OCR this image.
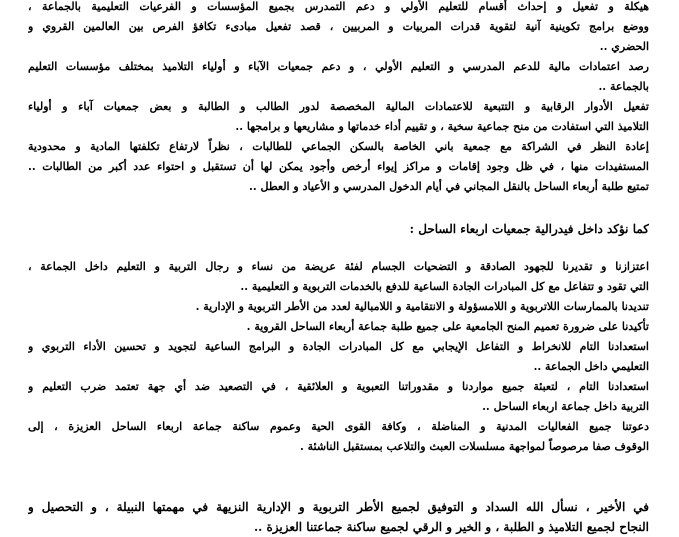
هيكلة و تفعيل و إحداث أقسام للتعليم الأولي و دعم التمدرس بجميع المؤسسات و الفرعيات التعليمية بالجماعة ،
ووضع برامج تكوينية آنية لتقوية قدرات المربيات و المربيين ، قصد تفعيل مبادىء تكافؤ الفرص بين العالمين القروي و
الحضري ..
رصد اعتمادات مالية للدعم المدرسي و التعليم الأولي ، و دعم جمعيات الآباء و أولياء التلاميذ بمختلف مؤسسات التعليم
بالجماعة ..
تفعيل الأدوار الرقابية و التتبعية للاعتمادات المالية المخصصة لدور الطالب و الطالبة و بعض جمعيات آباء و أولياء
التلاميذ التي استفادت من منح جماعية سخية ، و تقييم أداء خدماتها و مشاريعها و برامجها ..
إعادة النظر في الشراكة مع جمعية باني الخاصة بالسكن الجماعي للطالبات ، نظراً لارتفاع تكلفتها المادية و محدودية
المستفيدات منها ، في ظل وجود إقامات و مراكز إيواء أرخص وأجود يمكن لها أن تستقبل و احتواء عدد أكبر من الطالبات ..
تمتيع طلبة أربعاء الساحل بالنقل المجاني في أيام الدخول المدرسي و الأعياد و العطل ..
كما نؤكد داخل فيدرالية جمعيات اربعاء الساحل :
اعتزازنا و تقديرنا للجهود الصادقة و التضحيات الجسام لفئة عريضة من نساء و رجال التربية و التعليم داخل الجماعة ،
التي تقود و تتفاعل مع كل المبادرات الجادة الساعية للدفع بالخدمات التربوية و التعليمية ..
تنديدنا بالممارسات اللاتربوية و اللامسؤولة و الانتقامية و اللامبالية لعدد من الأطر التربوية و الإدارية .
تأكيدنا على ضرورة تعميم المنح الجامعية على جميع طلبة جماعة أربعاء الساحل القروية .
استعدادنا التام للانخراط و التفاعل الإيجابي مع كل المبادرات الجادة و البرامج الساعية لتجويد و تحسين الأداء التربوي و
التعليمي داخل الجماعة ..
استعدادنا التام ، لتعبئة جميع مواردنا و مقدوراتنا التعبوية و العلائقية ، في التصعيد ضد أي جهة تعتمد ضرب التعليم و
التربية داخل جماعة اربعاء الساحل ..
دعوتنا جميع الفعاليات المدنية و المناضلة ، وكافة القوى الحية وعموم ساكنة جماعة اربعاء الساحل العزيزة ، إلى
الوقوف صفا مرصوصاً لمواجهة مسلسلات العبث والتلاعب بمستقبل الناشئة .
في الأخير ، نسأل الله السداد و التوفيق لجميع الأطر التربوية و الإدارية النزيهة في مهمتها النبيلة ، و التحصيل و
النجاح لجميع التلاميذ و الطلبة ، و الخير و الرقي لجميع ساكنة جماعتنا العزيزة ..
